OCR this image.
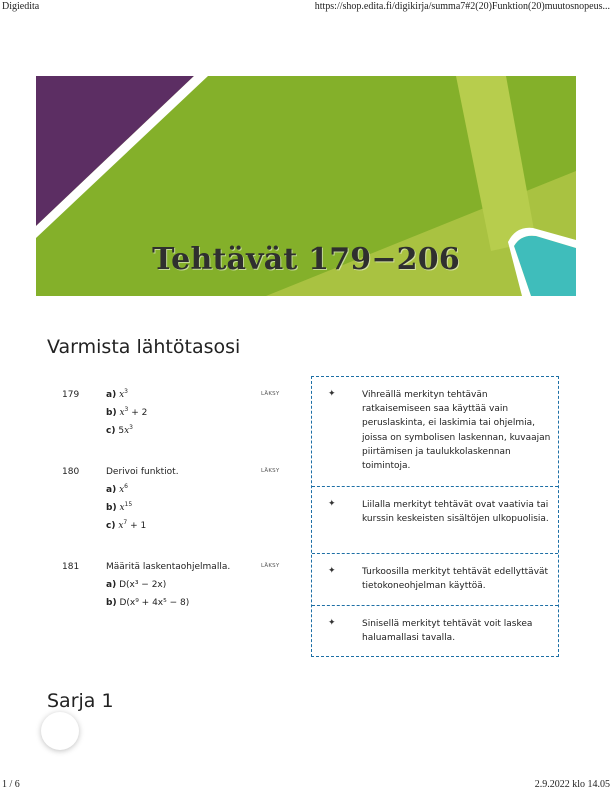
Digiedita	https://shop.edita.fi/digikirja/summa7#2(20)Funktion(20)muutosnopeus...
Tehtävät 179−206
Varmista lähtötasosi
179	LÄKSY
a) $x^3$
b) $x^3 + 2$
c) $5x^3$
180	LÄKSY
Derivoi funktiot.
a) $x^6$
b) $x^{15}$
c) $x^7 + 1$
181	LÄKSY
Määritä laskentaohjelmalla.
a) D(x³ − 2x)
b) D(x⁹ + 4x⁵ − 8)
✦	Vihreällä merkityn tehtävän ratkaisemiseen saa käyttää vain peruslaskinta, ei laskimia tai ohjelmia, joissa on symbolisen laskennan, kuvaajan piirtämisen ja taulukkolaskennan toimintoja.
✦	Liilalla merkityt tehtävät ovat vaativia tai kurssin keskeisten sisältöjen ulkopuolisia.
✦	Turkoosilla merkityt tehtävät edellyttävät tietokoneohjelman käyttöä.
✦	Sinisellä merkityt tehtävät voit laskea haluamallasi tavalla.
Sarja 1
1 / 6	2.9.2022 klo 14.05
